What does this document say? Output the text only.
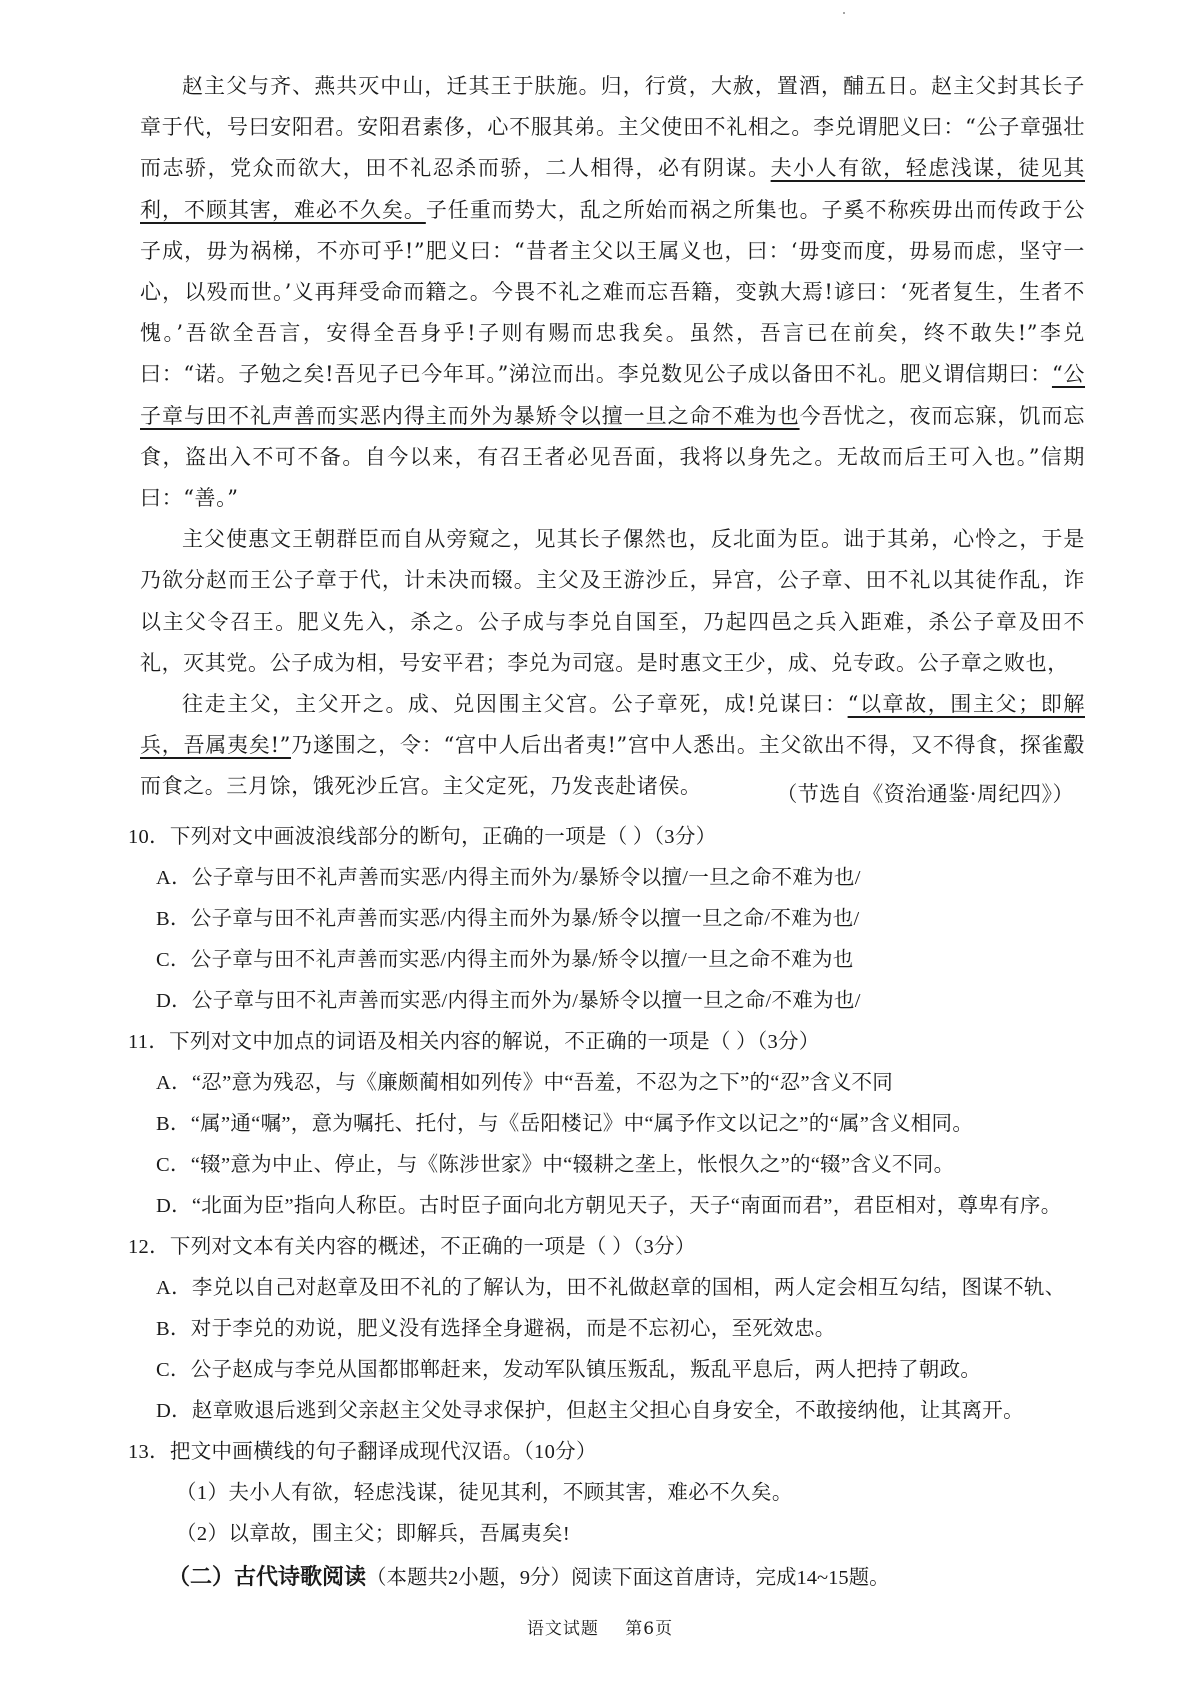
赵主父与齐、燕共灭中山，迁其王于肤施。归，行赏，大赦，置酒，酺五日。赵主父封其长子章于代，号曰安阳君。安阳君素侈，心不服其弟。主父使田不礼相之。李兑谓肥义曰：“公子章强壮而志骄，党众而欲大，田不礼忍杀而骄，二人相得，必有阴谋。夫小人有欲，轻虑浅谋，徒见其利，不顾其害，难必不久矣。子任重而势大，乱之所始而祸之所集也。子奚不称疾毋出而传政于公子成，毋为祸梯，不亦可乎!”肥义曰：“昔者主父以王属义也，曰：‘毋变而度，毋易而虑，坚守一心，以殁而世。’义再拜受命而籍之。今畏不礼之难而忘吾籍，变孰大焉!谚曰：‘死者复生，生者不愧。’吾欲全吾言，安得全吾身乎!子则有赐而忠我矣。虽然，吾言已在前矣，终不敢失!”李兑曰：“诺。子勉之矣!吾见子已今年耳。”涕泣而出。李兑数见公子成以备田不礼。肥义谓信期曰：“公子章与田不礼声善而实恶内得主而外为暴矫令以擅一旦之命不难为也今吾忧之，夜而忘寐，饥而忘食，盗出入不可不备。自今以来，有召王者必见吾面，我将以身先之。无故而后王可入也。”信期曰：“善。”

主父使惠文王朝群臣而自从旁窥之，见其长子傫然也，反北面为臣。诎于其弟，心怜之，于是乃欲分赵而王公子章于代，计未决而辍。主父及王游沙丘，异宫，公子章、田不礼以其徒作乱，诈以主父令召王。肥义先入，杀之。公子成与李兑自国至，乃起四邑之兵入距难，杀公子章及田不礼，灭其党。公子成为相，号安平君；李兑为司寇。是时惠文王少，成、兑专政。公子章之败也，

往走主父，主父开之。成、兑因围主父宫。公子章死，成!兑谋曰：“以章故，围主父；即解兵，吾属夷矣!”乃遂围之，令：“宫中人后出者夷!”宫中人悉出。主父欲出不得，又不得食，探雀鷇而食之。三月馀，饿死沙丘宫。主父定死，乃发丧赴诸侯。	（节选自《资治通鉴·周纪四》）

10．下列对文中画波浪线部分的断句，正确的一项是（ ）（3分）

A．公子章与田不礼声善而实恶/内得主而外为/暴矫令以擅/一旦之命不难为也/

B．公子章与田不礼声善而实恶/内得主而外为暴/矫令以擅一旦之命/不难为也/

C．公子章与田不礼声善而实恶/内得主而外为暴/矫令以擅/一旦之命不难为也

D．公子章与田不礼声善而实恶/内得主而外为/暴矫令以擅一旦之命/不难为也/

11．下列对文中加点的词语及相关内容的解说，不正确的一项是（ ）（3分）

A．“忍”意为残忍，与《廉颇蔺相如列传》中“吾羞，不忍为之下”的“忍”含义不同

B．“属”通“嘱”，意为嘱托、托付，与《岳阳楼记》中“属予作文以记之”的“属”含义相同。

C．“辍”意为中止、停止，与《陈涉世家》中“辍耕之垄上，怅恨久之”的“辍”含义不同。

D．“北面为臣”指向人称臣。古时臣子面向北方朝见天子，天子“南面而君”，君臣相对，尊卑有序。

12．下列对文本有关内容的概述，不正确的一项是（ ）（3分）

A．李兑以自己对赵章及田不礼的了解认为，田不礼做赵章的国相，两人定会相互勾结，图谋不轨、

B．对于李兑的劝说，肥义没有选择全身避祸，而是不忘初心，至死效忠。

C．公子赵成与李兑从国都邯郸赶来，发动军队镇压叛乱，叛乱平息后，两人把持了朝政。

D．赵章败退后逃到父亲赵主父处寻求保护，但赵主父担心自身安全，不敢接纳他，让其离开。

13．把文中画横线的句子翻译成现代汉语。（10分）

（1）夫小人有欲，轻虑浅谋，徒见其利，不顾其害，难必不久矣。

（2）以章故，围主父；即解兵，吾属夷矣!

（二）古代诗歌阅读（本题共2小题，9分）阅读下面这首唐诗，完成14~15题。

语文试题 第6页
